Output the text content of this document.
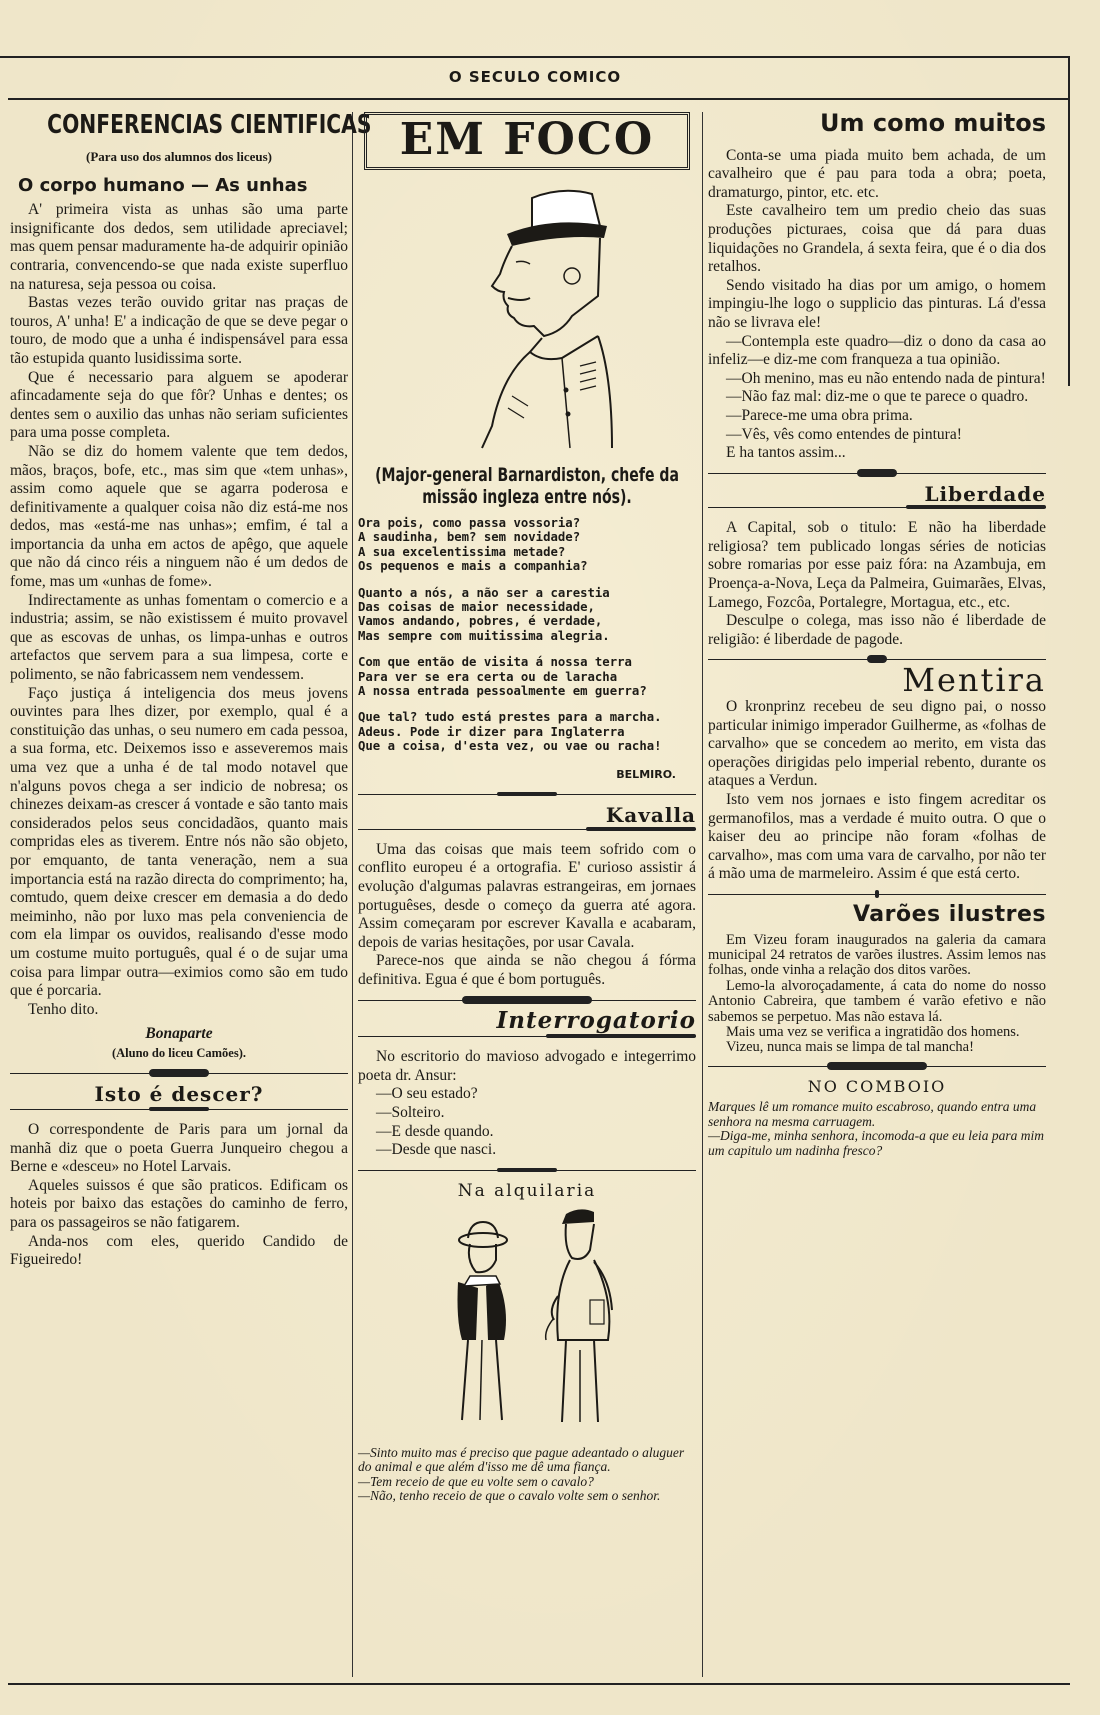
O SECULO COMICO
CONFERENCIAS CIENTIFICAS
(Para uso dos alumnos dos liceus)
O corpo humano — As unhas

A' primeira vista as unhas são uma parte insignificante dos dedos, sem utilidade apreciavel; mas quem pensar maduramente ha-de adquirir opinião contraria, convencendo-se que nada existe superfluo na naturesa, seja pessoa ou coisa.

Bastas vezes terão ouvido gritar nas praças de touros, A' unha! E' a indicação de que se deve pegar o touro, de modo que a unha é indispensável para essa tão estupida quanto lusidissima sorte.

Que é necessario para alguem se apoderar afincadamente seja do que fôr? Unhas e dentes; os dentes sem o auxilio das unhas não seriam suficientes para uma posse completa.

Não se diz do homem valente que tem dedos, mãos, braços, bofe, etc., mas sim que «tem unhas», assim como aquele que se agarra poderosa e definitivamente a qualquer coisa não diz está-me nos dedos, mas «está-me nas unhas»; emfim, é tal a importancia da unha em actos de apêgo, que aquele que não dá cinco réis a ninguem não é um dedos de fome, mas um «unhas de fome».

Indirectamente as unhas fomentam o comercio e a industria; assim, se não existissem é muito provavel que as escovas de unhas, os limpa-unhas e outros artefactos que servem para a sua limpesa, corte e polimento, se não fabricassem nem vendessem.

Faço justiça á inteligencia dos meus jovens ouvintes para lhes dizer, por exemplo, qual é a constituição das unhas, o seu numero em cada pessoa, a sua forma, etc. Deixemos isso e asseveremos mais uma vez que a unha é de tal modo notavel que n'alguns povos chega a ser indicio de nobresa; os chinezes deixam-as crescer á vontade e são tanto mais considerados pelos seus concidadãos, quanto mais compridas eles as tiverem. Entre nós não são objeto, por emquanto, de tanta veneração, nem a sua importancia está na razão directa do comprimento; ha, comtudo, quem deixe crescer em demasia a do dedo meiminho, não por luxo mas pela conveniencia de com ela limpar os ouvidos, realisando d'esse modo um costume muito português, qual é o de sujar uma coisa para limpar outra—eximios como são em tudo que é porcaria.

Tenho dito.

Bonaparte
(Aluno do liceu Camões).
Isto é descer?

O correspondente de Paris para um jornal da manhã diz que o poeta Guerra Junqueiro chegou a Berne e «desceu» no Hotel Larvais.

Aqueles suissos é que são praticos. Edificam os hoteis por baixo das estações do caminho de ferro, para os passageiros se não fatigarem.

Anda-nos com eles, querido Candido de Figueiredo!

EM FOCO
(Major-general Barnardiston, chefe da missão ingleza entre nós).
Ora pois, como passa vossoria?
A saudinha, bem? sem novidade?
A sua excelentissima metade?
Os pequenos e mais a companhia?
Quanto a nós, a não ser a carestia
Das coisas de maior necessidade,
Vamos andando, pobres, é verdade,
Mas sempre com muitissima alegria.
Com que então de visita á nossa terra
Para ver se era certa ou de laracha
A nossa entrada pessoalmente em guerra?
Que tal? tudo está prestes para a marcha.
Adeus. Pode ir dizer para Inglaterra
Que a coisa, d'esta vez, ou vae ou racha!
BELMIRO.
Kavalla

Uma das coisas que mais teem sofrido com o conflito europeu é a ortografia. E' curioso assistir á evolução d'algumas palavras estrangeiras, em jornaes portuguêses, desde o começo da guerra até agora. Assim começaram por escrever Kavalla e acabaram, depois de varias hesitações, por usar Cavala.

Parece-nos que ainda se não chegou á fórma definitiva. Egua é que é bom português.

Interrogatorio

No escritorio do mavioso advogado e integerrimo poeta dr. Ansur:

—O seu estado?

—Solteiro.

—E desde quando.

—Desde que nasci.

Na alquilaria
—Sinto muito mas é preciso que pague adeantado o aluguer do animal e que além d'isso me dê uma fiança.
—Tem receio de que eu volte sem o cavalo?
—Não, tenho receio de que o cavalo volte sem o senhor.
Um como muitos

Conta-se uma piada muito bem achada, de um cavalheiro que é pau para toda a obra; poeta, dramaturgo, pintor, etc. etc.

Este cavalheiro tem um predio cheio das suas produções picturaes, coisa que dá para duas liquidações no Grandela, á sexta feira, que é o dia dos retalhos.

Sendo visitado ha dias por um amigo, o homem impingiu-lhe logo o supplicio das pinturas. Lá d'essa não se livrava ele!

—Contempla este quadro—diz o dono da casa ao infeliz—e diz-me com franqueza a tua opinião.

—Oh menino, mas eu não entendo nada de pintura!

—Não faz mal: diz-me o que te parece o quadro.

—Parece-me uma obra prima.

—Vês, vês como entendes de pintura!

E ha tantos assim...

Liberdade

A Capital, sob o titulo: E não ha liberdade religiosa? tem publicado longas séries de noticias sobre romarias por esse paiz fóra: na Azambuja, em Proença-a-Nova, Leça da Palmeira, Guimarães, Elvas, Lamego, Fozcôa, Portalegre, Mortagua, etc., etc.

Desculpe o colega, mas isso não é liberdade de religião: é liberdade de pagode.

Mentira

O kronprinz recebeu de seu digno pai, o nosso particular inimigo imperador Guilherme, as «folhas de carvalho» que se concedem ao merito, em vista das operações dirigidas pelo imperial rebento, durante os ataques a Verdun.

Isto vem nos jornaes e isto fingem acreditar os germanofilos, mas a verdade é muito outra. O que o kaiser deu ao principe não foram «folhas de carvalho», mas com uma vara de carvalho, por não ter á mão uma de marmeleiro. Assim é que está certo.

Varões ilustres

Em Vizeu foram inaugurados na galeria da camara municipal 24 retratos de varões ilustres. Assim lemos nas folhas, onde vinha a relação dos ditos varões.

Lemo-la alvoroçadamente, á cata do nome do nosso Antonio Cabreira, que tambem é varão efetivo e não sabemos se perpetuo. Mas não estava lá.

Mais uma vez se verifica a ingratidão dos homens.

Vizeu, nunca mais se limpa de tal mancha!

NO COMBOIO
Marques lê um romance muito escabroso, quando entra uma senhora na mesma carruagem.
—Diga-me, minha senhora, incomoda-a que eu leia para mim um capitulo um nadinha fresco?
